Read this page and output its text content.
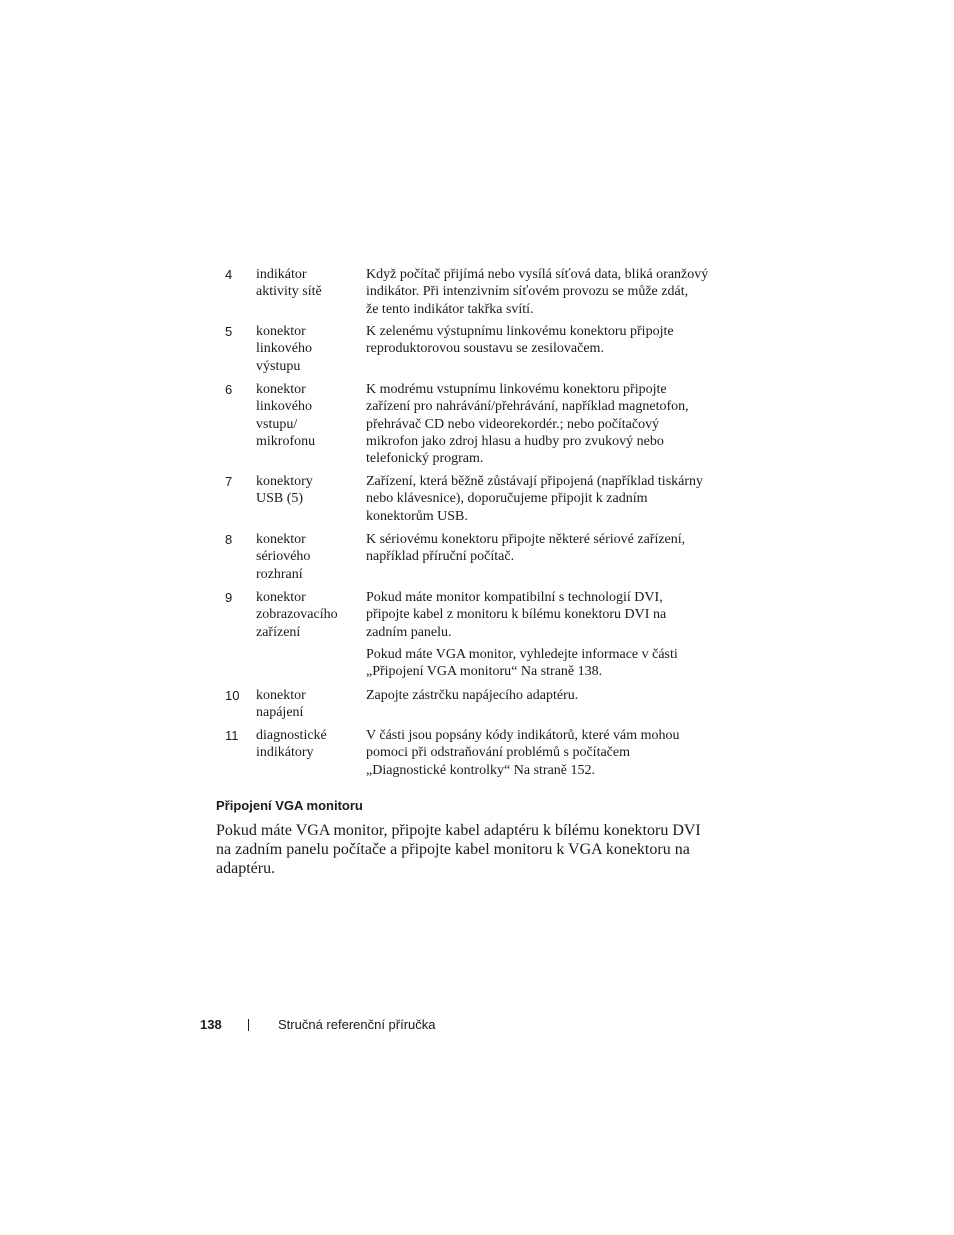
4 indikátor aktivity sítě
Když počítač přijímá nebo vysílá síťová data, bliká oranžový
indikátor. Při intenzivním síťovém provozu se může zdát,
že tento indikátor takřka svítí.
5 konektor linkového výstupu
K zelenému výstupnímu linkovému konektoru připojte
reproduktorovou soustavu se zesilovačem.
6 konektor linkového vstupu/ mikrofonu
K modrému vstupnímu linkovému konektoru připojte
zařízení pro nahrávání/přehrávání, například magnetofon,
přehrávač CD nebo videorekordér.; nebo počítačový
mikrofon jako zdroj hlasu a hudby pro zvukový nebo
telefonický program.
7 konektory USB (5)
Zařízení, která běžně zůstávají připojená (například tiskárny
nebo klávesnice), doporučujeme připojit k zadním
konektorům USB.
8 konektor sériového rozhraní
K sériovému konektoru připojte některé sériové zařízení,
například příruční počítač.
9 konektor zobrazovacího zařízení
Pokud máte monitor kompatibilní s technologií DVI,
připojte kabel z monitoru k bílému konektoru DVI na
zadním panelu.
Pokud máte VGA monitor, vyhledejte informace v části
„Připojení VGA monitoru“ Na straně 138.
10 konektor napájení
Zapojte zástrčku napájecího adaptéru.
11 diagnostické indikátory
V části jsou popsány kódy indikátorů, které vám mohou
pomoci při odstraňování problémů s počítačem
„Diagnostické kontrolky“ Na straně 152.
Připojení VGA monitoru
Pokud máte VGA monitor, připojte kabel adaptéru k bílému konektoru DVI na zadním panelu počítače a připojte kabel monitoru k VGA konektoru na adaptéru.
138	Stručná referenční příručka
